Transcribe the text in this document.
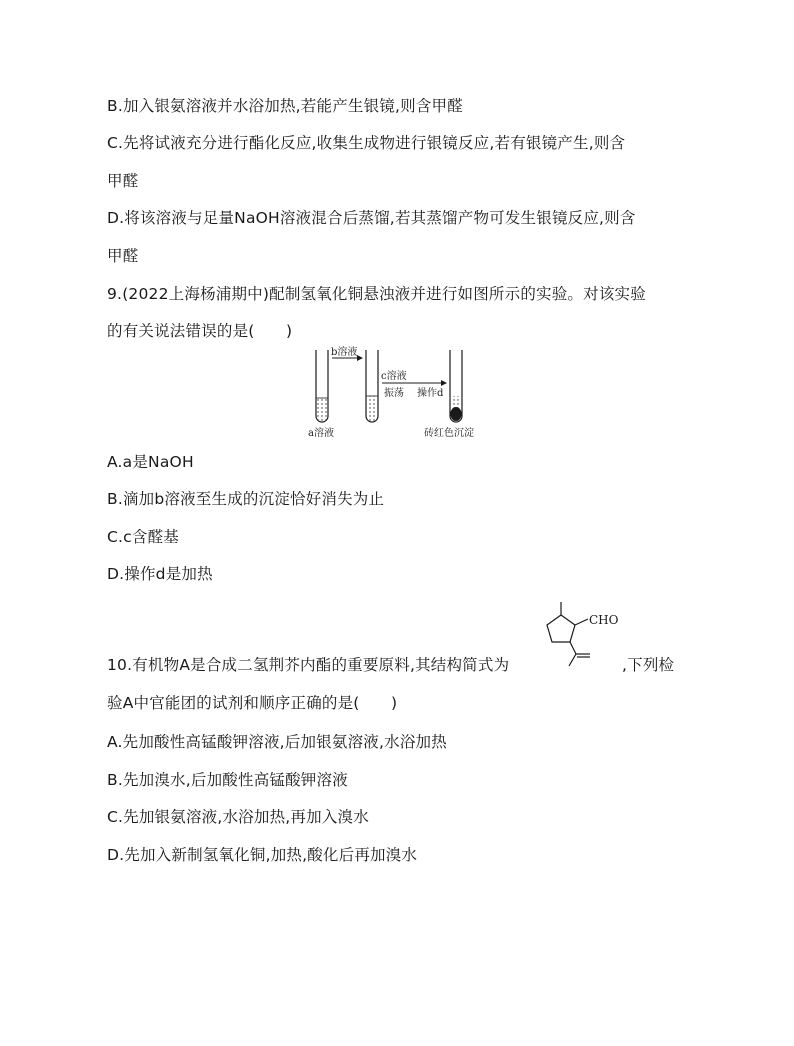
B.加入银氨溶液并水浴加热,若能产生银镜,则含甲醛
C.先将试液充分进行酯化反应,收集生成物进行银镜反应,若有银镜产生,则含
甲醛
D.将该溶液与足量NaOH溶液混合后蒸馏,若其蒸馏产物可发生银镜反应,则含
甲醛
9.(2022上海杨浦期中)配制氢氧化铜悬浊液并进行如图所示的实验。对该实验
的有关说法错误的是(　　)
a溶液
b溶液
c溶液
振荡 操作d
砖红色沉淀
A.a是NaOH
B.滴加b溶液至生成的沉淀恰好消失为止
C.c含醛基
D.操作d是加热
CHO
10.有机物A是合成二氢荆芥内酯的重要原料,其结构简式为	,下列检
验A中官能团的试剂和顺序正确的是(　　)
A.先加酸性高锰酸钾溶液,后加银氨溶液,水浴加热
B.先加溴水,后加酸性高锰酸钾溶液
C.先加银氨溶液,水浴加热,再加入溴水
D.先加入新制氢氧化铜,加热,酸化后再加溴水
